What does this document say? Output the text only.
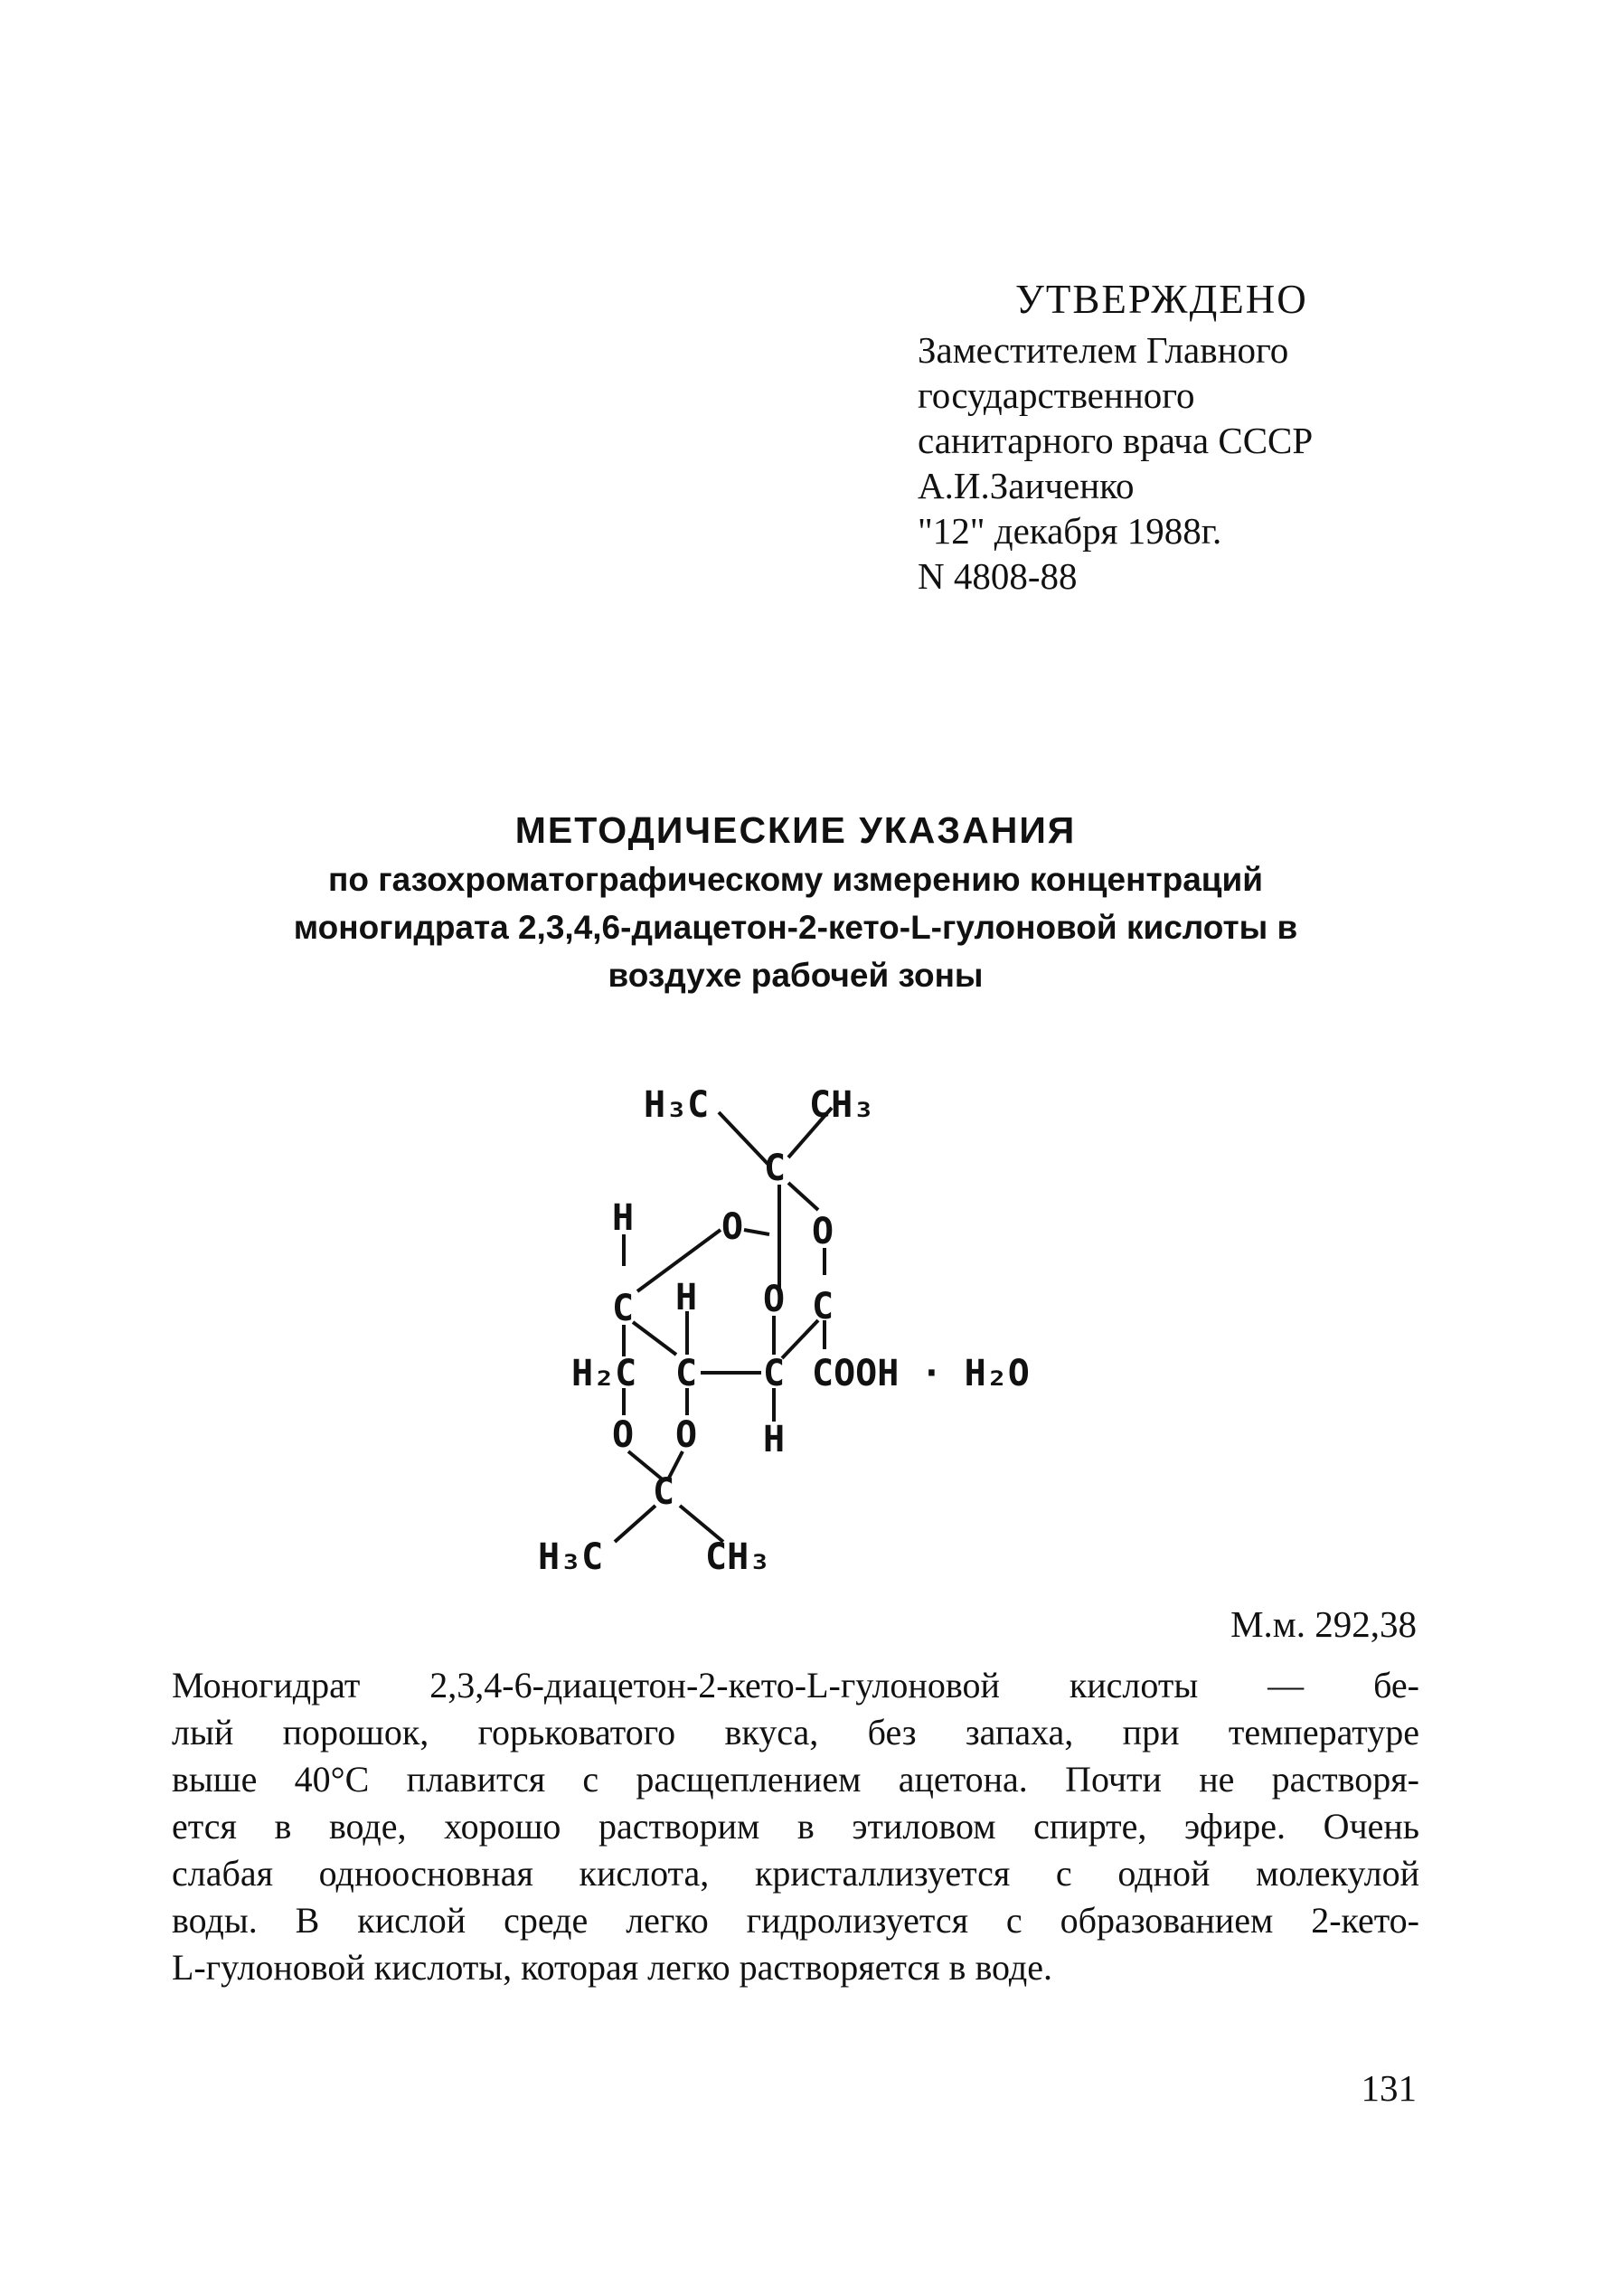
УТВЕРЖДЕНО
Заместителем Главного
государственного
санитарного врача СССР
А.И.Заиченко
"12" декабря 1988г.
N 4808-88
МЕТОДИЧЕСКИЕ УКАЗАНИЯ
по газохроматографическому измерению концентраций
моногидрата 2,3,4,6-диацетон-2-кето-L-гулоновой кислоты в
воздухе рабочей зоны
H₃C	CH₃
C
H O O
C H O C
H₂C C C COOH · H₂O
O O H
C
H₃C	CH₃
М.м. 292,38
Моногидрат 2,3,4-6-диацетон-2-кето-L-гулоновой кислоты — бе-
лый порошок, горьковатого вкуса, без запаха, при температуре
выше 40°С плавится с расщеплением ацетона. Почти не растворя-
ется в воде, хорошо растворим в этиловом спирте, эфире. Очень
слабая одноосновная кислота, кристаллизуется с одной молекулой
воды. В кислой среде легко гидролизуется с образованием 2-кето-
L-гулоновой кислоты, которая легко растворяется в воде.
131
